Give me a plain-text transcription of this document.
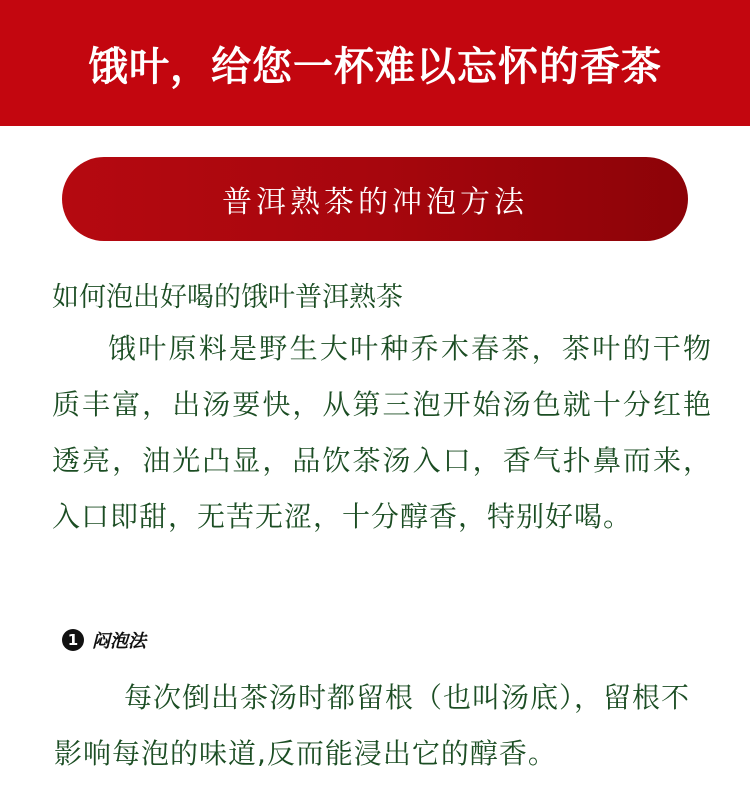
饿叶，给您一杯难以忘怀的香茶
普洱熟茶的冲泡方法
如何泡出好喝的饿叶普洱熟茶
饿叶原料是野生大叶种乔木春茶，茶叶的干物质丰富，出汤要快，从第三泡开始汤色就十分红艳透亮，油光凸显，品饮茶汤入口，香气扑鼻而来，入口即甜，无苦无涩，十分醇香，特别好喝。
1 闷泡法
每次倒出茶汤时都留根（也叫汤底），留根不影响每泡的味道,反而能浸出它的醇香。
